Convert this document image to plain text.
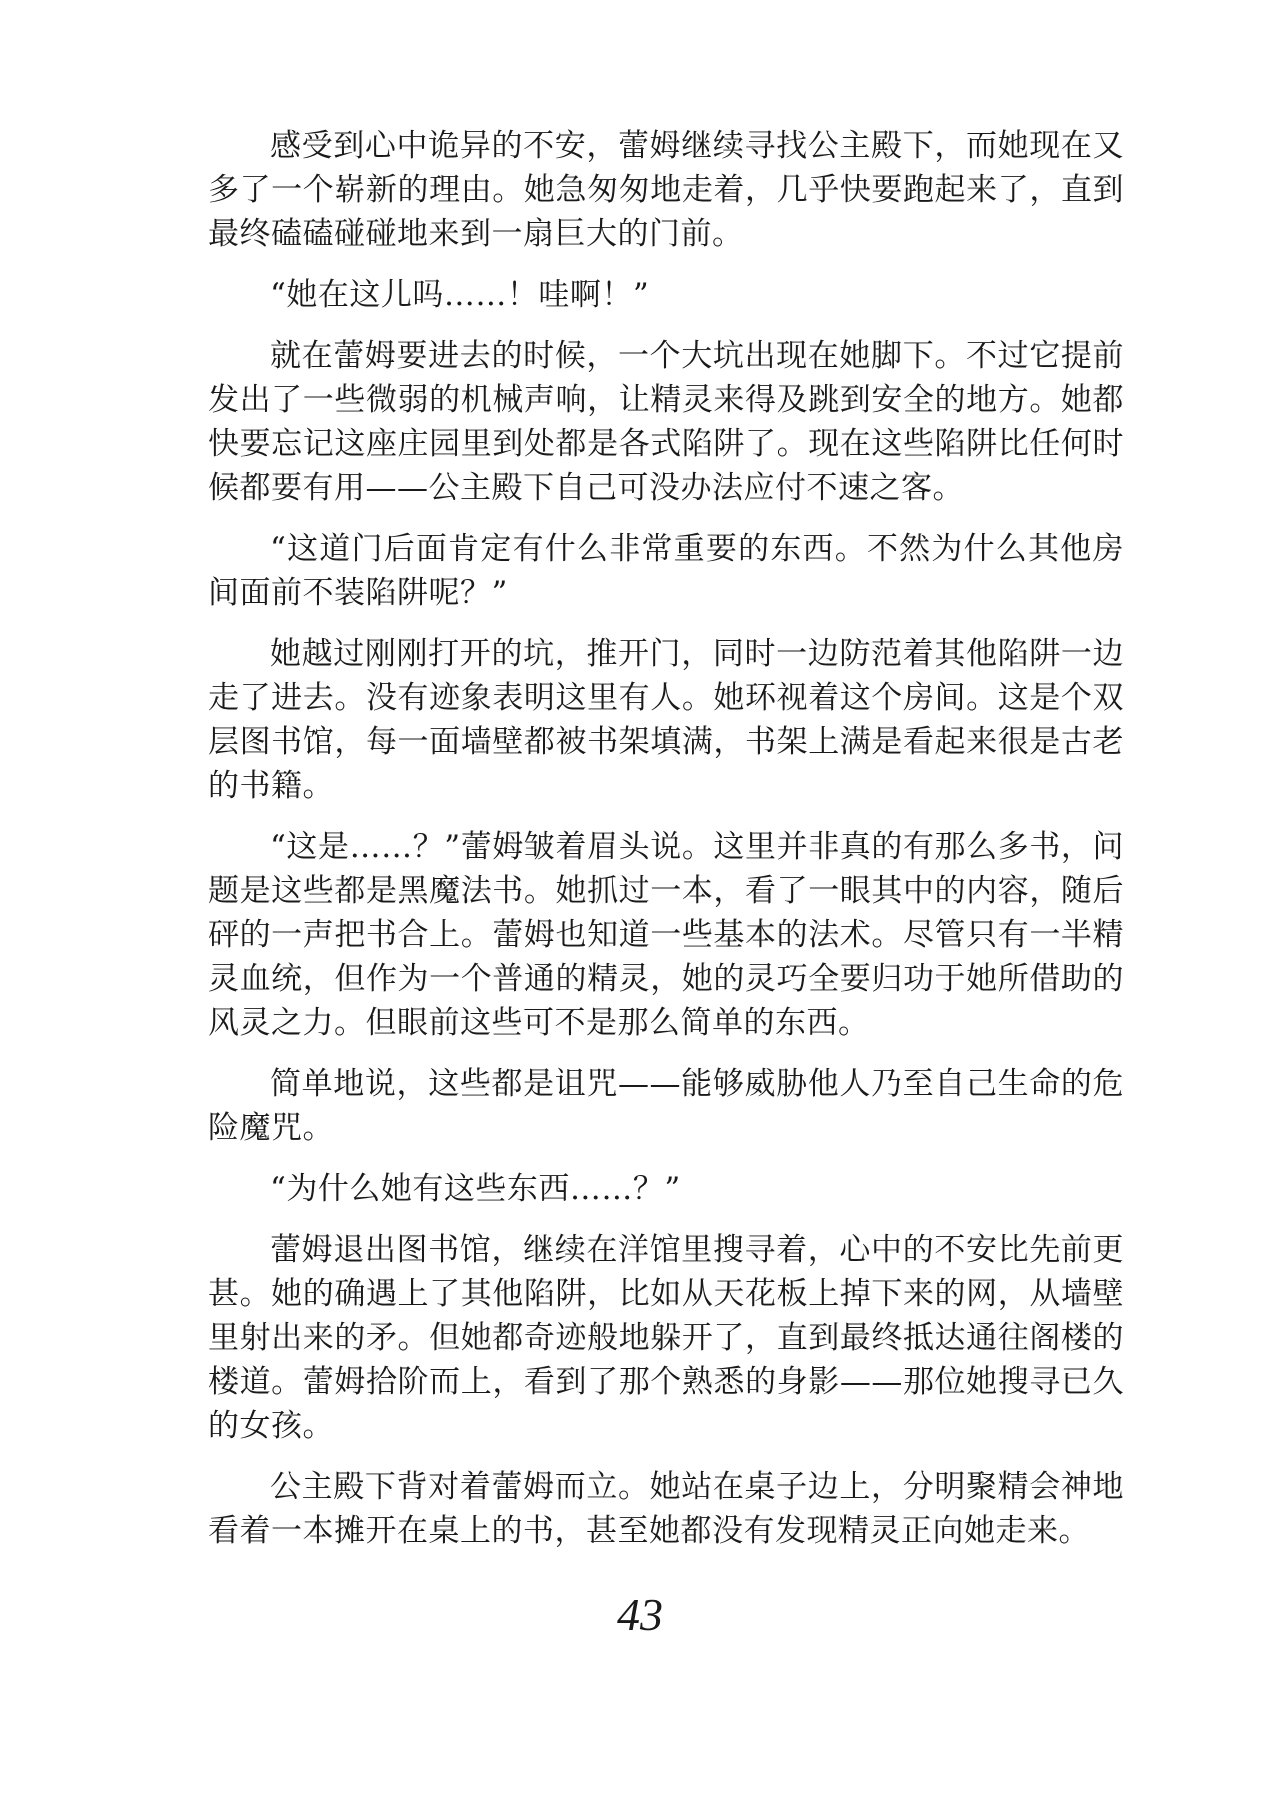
感受到心中诡异的不安，蕾姆继续寻找公主殿下，而她现在又多了一个崭新的理由。她急匆匆地走着，几乎快要跑起来了，直到最终磕磕碰碰地来到一扇巨大的门前。

“她在这儿吗……！哇啊！”

就在蕾姆要进去的时候，一个大坑出现在她脚下。不过它提前发出了一些微弱的机械声响，让精灵来得及跳到安全的地方。她都快要忘记这座庄园里到处都是各式陷阱了。现在这些陷阱比任何时候都要有用——公主殿下自己可没办法应付不速之客。

“这道门后面肯定有什么非常重要的东西。不然为什么其他房间面前不装陷阱呢？”

她越过刚刚打开的坑，推开门，同时一边防范着其他陷阱一边走了进去。没有迹象表明这里有人。她环视着这个房间。这是个双层图书馆，每一面墙壁都被书架填满，书架上满是看起来很是古老的书籍。

“这是……？”蕾姆皱着眉头说。这里并非真的有那么多书，问题是这些都是黑魔法书。她抓过一本，看了一眼其中的内容，随后砰的一声把书合上。蕾姆也知道一些基本的法术。尽管只有一半精灵血统，但作为一个普通的精灵，她的灵巧全要归功于她所借助的风灵之力。但眼前这些可不是那么简单的东西。

简单地说，这些都是诅咒——能够威胁他人乃至自己生命的危险魔咒。

“为什么她有这些东西……？”

蕾姆退出图书馆，继续在洋馆里搜寻着，心中的不安比先前更甚。她的确遇上了其他陷阱，比如从天花板上掉下来的网，从墙壁里射出来的矛。但她都奇迹般地躲开了，直到最终抵达通往阁楼的楼道。蕾姆拾阶而上，看到了那个熟悉的身影——那位她搜寻已久的女孩。

公主殿下背对着蕾姆而立。她站在桌子边上，分明聚精会神地看着一本摊开在桌上的书，甚至她都没有发现精灵正向她走来。

43
